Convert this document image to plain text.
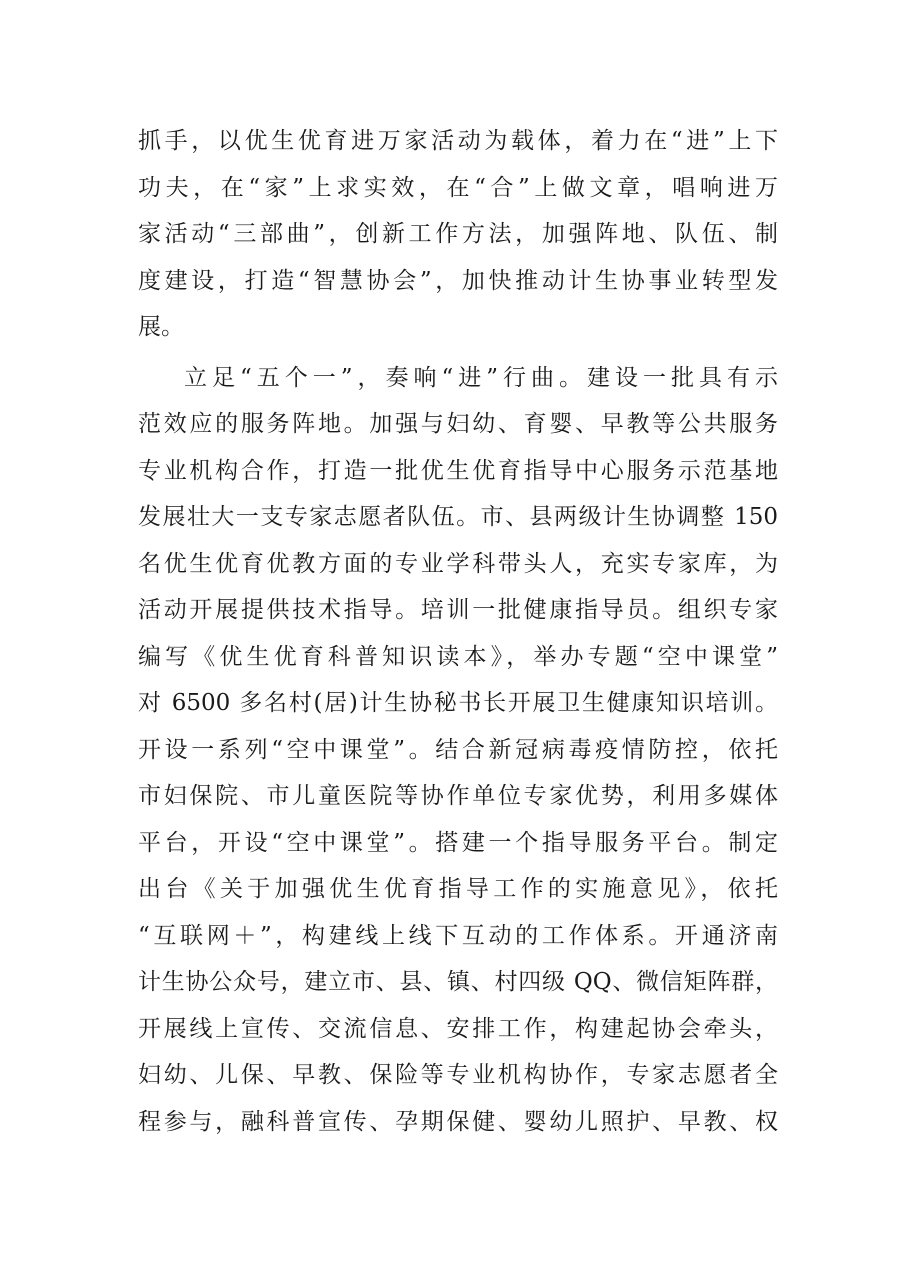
抓手，以优生优育进万家活动为载体，着力在“进”上下
功夫，在“家”上求实效，在“合”上做文章，唱响进万
家活动“三部曲”，创新工作方法，加强阵地、队伍、制
度建设，打造“智慧协会”，加快推动计生协事业转型发
展。
立足“五个一”，奏响“进”行曲。建设一批具有示
范效应的服务阵地。加强与妇幼、育婴、早教等公共服务
专业机构合作，打造一批优生优育指导中心服务示范基地
发展壮大一支专家志愿者队伍。市、县两级计生协调整 150
名优生优育优教方面的专业学科带头人，充实专家库，为
活动开展提供技术指导。培训一批健康指导员。组织专家
编写《优生优育科普知识读本》，举办专题“空中课堂”
对 6500 多名村(居)计生协秘书长开展卫生健康知识培训。
开设一系列“空中课堂”。结合新冠病毒疫情防控，依托
市妇保院、市儿童医院等协作单位专家优势，利用多媒体
平台，开设“空中课堂”。搭建一个指导服务平台。制定
出台《关于加强优生优育指导工作的实施意见》，依托
“互联网＋”，构建线上线下互动的工作体系。开通济南
计生协公众号，建立市、县、镇、村四级 QQ、微信矩阵群，
开展线上宣传、交流信息、安排工作，构建起协会牵头，
妇幼、儿保、早教、保险等专业机构协作，专家志愿者全
程参与，融科普宣传、孕期保健、婴幼儿照护、早教、权
